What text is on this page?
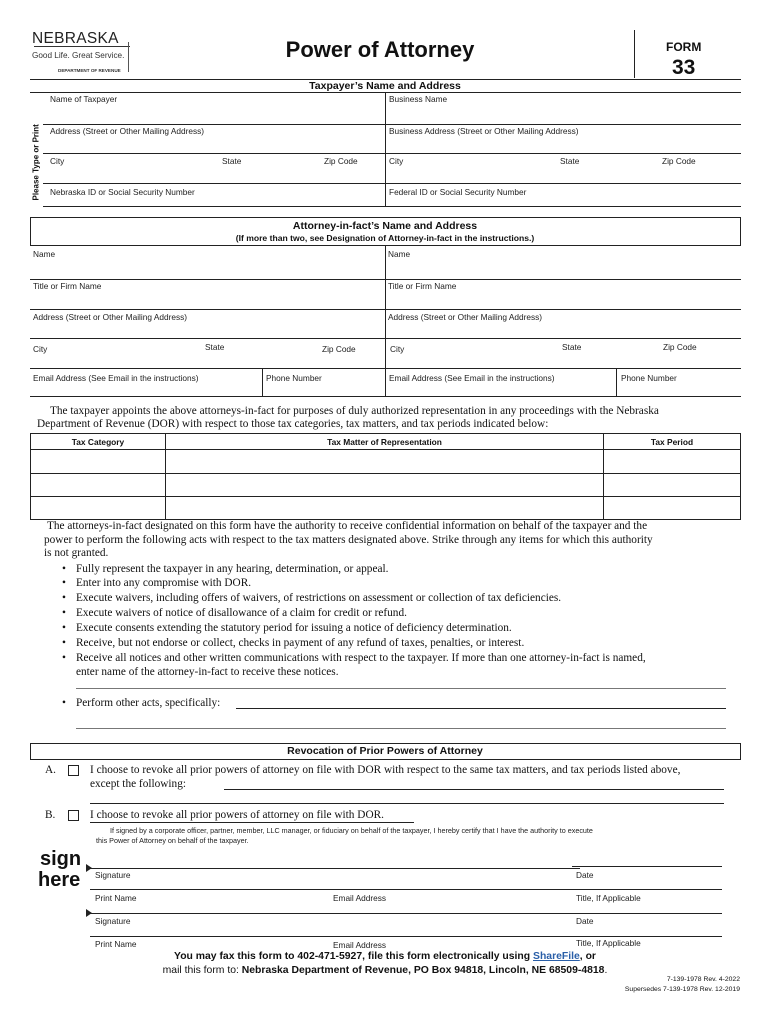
NEBRASKA
Good Life. Great Service.
DEPARTMENT OF REVENUE
Power of Attorney	FORM
33
Taxpayer’s Name and Address
Please Type or Print
Name of Taxpayer	Business Name
Address (Street or Other Mailing Address)	Business Address (Street or Other Mailing Address)
City	State	Zip Code	City	State	Zip Code
Nebraska ID or Social Security Number	Federal ID or Social Security Number
Attorney-in-fact’s Name and Address
(If more than two, see Designation of Attorney-in-fact in the instructions.)
Name	Name
Title or Firm Name	Title or Firm Name
Address (Street or Other Mailing Address)	Address (Street or Other Mailing Address)
City	State	Zip Code	City	State	Zip Code
Email Address (See Email in the instructions)	Phone Number	Email Address (See Email in the instructions)	Phone Number
The taxpayer appoints the above attorneys-in-fact for purposes of duly authorized representation in any proceedings with the Nebraska
Department of Revenue (DOR) with respect to those tax categories, tax matters, and tax periods indicated below:
Tax Category	Tax Matter of Representation	Tax Period
The attorneys-in-fact designated on this form have the authority to receive confidential information on behalf of the taxpayer and the
power to perform the following acts with respect to the tax matters designated above. Strike through any items for which this authority
is not granted.
• Fully represent the taxpayer in any hearing, determination, or appeal.
• Enter into any compromise with DOR.
• Execute waivers, including offers of waivers, of restrictions on assessment or collection of tax deficiencies.
• Execute waivers of notice of disallowance of a claim for credit or refund.
• Execute consents extending the statutory period for issuing a notice of deficiency determination.
• Receive, but not endorse or collect, checks in payment of any refund of taxes, penalties, or interest.
• Receive all notices and other written communications with respect to the taxpayer. If more than one attorney-in-fact is named,
enter name of the attorney-in-fact to receive these notices.
• Perform other acts, specifically:
Revocation of Prior Powers of Attorney
A.	I choose to revoke all prior powers of attorney on file with DOR with respect to the same tax matters, and tax periods listed above,
except the following:
B.	I choose to revoke all prior powers of attorney on file with DOR.
If signed by a corporate officer, partner, member, LLC manager, or fiduciary on behalf of the taxpayer, I hereby certify that I have the authority to execute
this Power of Attorney on behalf of the taxpayer.
sign
here Signature	Date
Print Name	Email Address	Title, If Applicable
Signature	Date
Print Name	Email Address	Title, If Applicable
You may fax this form to 402-471-5927, file this form electronically using ShareFile, or
mail this form to: Nebraska Department of Revenue, PO Box 94818, Lincoln, NE 68509-4818.
7-139-1978 Rev. 4-2022
Supersedes 7-139-1978 Rev. 12-2019
